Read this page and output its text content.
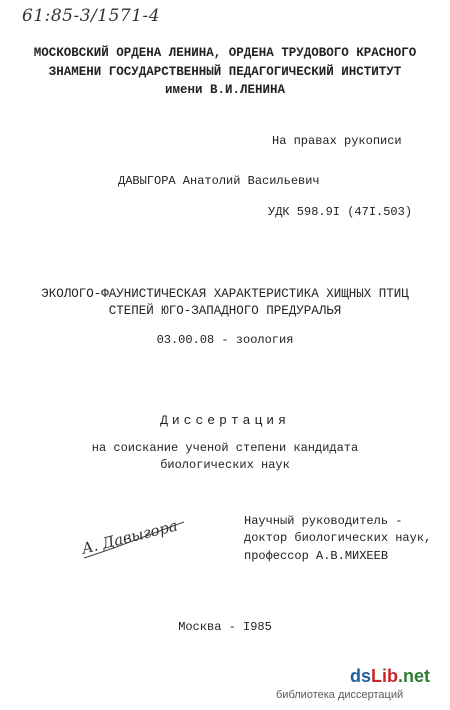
61:85-3/1571-4
МОСКОВСКИЙ ОРДЕНА ЛЕНИНА, ОРДЕНА ТРУДОВОГО КРАСНОГО
ЗНАМЕНИ ГОСУДАРСТВЕННЫЙ ПЕДАГОГИЧЕСКИЙ ИНСТИТУТ
имени В.И.ЛЕНИНА
На правах рукописи
ДАВЫГОРА Анатолий Васильевич
УДК 598.9I (47I.503)
ЭКОЛОГО-ФАУНИСТИЧЕСКАЯ ХАРАКТЕРИСТИКА ХИЩНЫХ ПТИЦ
СТЕПЕЙ ЮГО-ЗАПАДНОГО ПРЕДУРАЛЬЯ
03.00.08 - зоология
Диссертация
на соискание ученой степени кандидата
биологических наук
А. Давыгора	Научный руководитель -
доктор биологических наук,
профессор А.В.МИХЕЕВ
Москва - I985
dsLib.net
библиотека диссертаций
